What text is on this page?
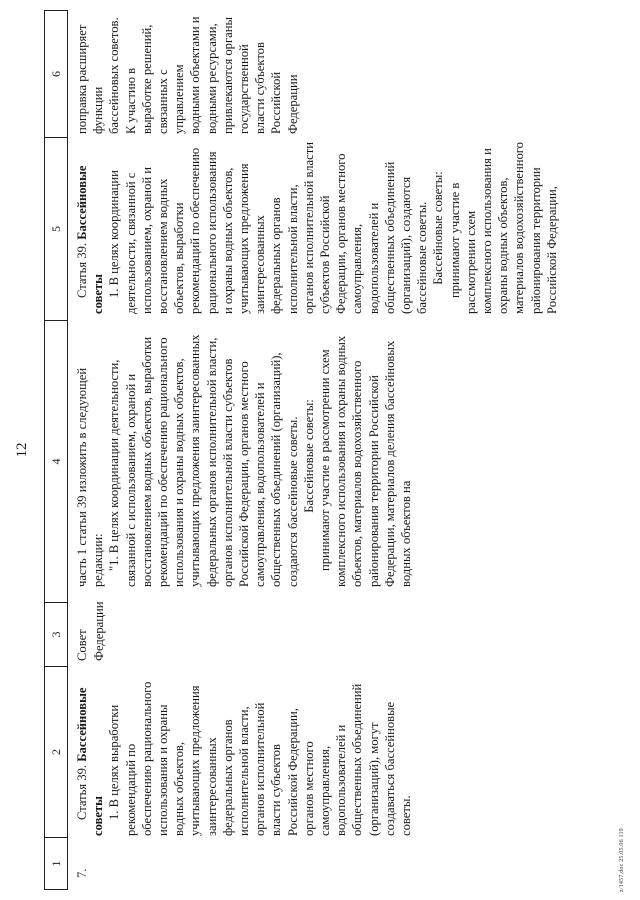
12
1
2
3
4
5
6
7.

Статья 39. Бассейновые советы 1. В целях выработки рекомендаций по обеспечению рационального использования и охраны водных объектов, учитывающих предложения заинтересованных федеральных органов исполнительной власти, органов исполнительной власти субъектов Российской Федерации, органов местного самоуправления, водопользователей и общественных объединений (организаций), могут создаваться бассейновые советы.

Совет Федерации

часть 1 статьи 39 изложить в следующей редакции: "1. В целях координации деятельности, связанной с использованием, охраной и восстановлением водных объектов, выработки рекомендаций по обеспечению рационального использования и охраны водных объектов, учитывающих предложения заинтересованных федеральных органов исполнительной власти, органов исполнительной власти субъектов Российской Федерации, органов местного самоуправления, водопользователей и общественных объединений (организаций), создаются бассейновые советы. Бассейновые советы: принимают участие в рассмотрении схем комплексного использования и охраны водных объектов, материалов водохозяйственного районирования территории Российской Федерации, материалов деления бассейновых водных объектов на

Статья 39. Бассейновые советы 1. В целях координации деятельности, связанной с использованием, охраной и восстановлением водных объектов, выработки рекомендаций по обеспечению рационального использования и охраны водных объектов, учитывающих предложения заинтересованных федеральных органов исполнительной власти, органов исполнительной власти субъектов Российской Федерации, органов местного самоуправления, водопользователей и общественных объединений (организаций), создаются бассейновые советы. Бассейновые советы: принимают участие в рассмотрении схем комплексного использования и охраны водных объектов, материалов водохозяйственного районирования территории Российской Федерации,

поправка расширяет функции бассейновых советов. К участию в выработке решений, связанных с управлением водными объектами и водными ресурсами, привлекаются органы государственной власти субъектов Российской Федерации
z/1457.doc 25.05.06 119
